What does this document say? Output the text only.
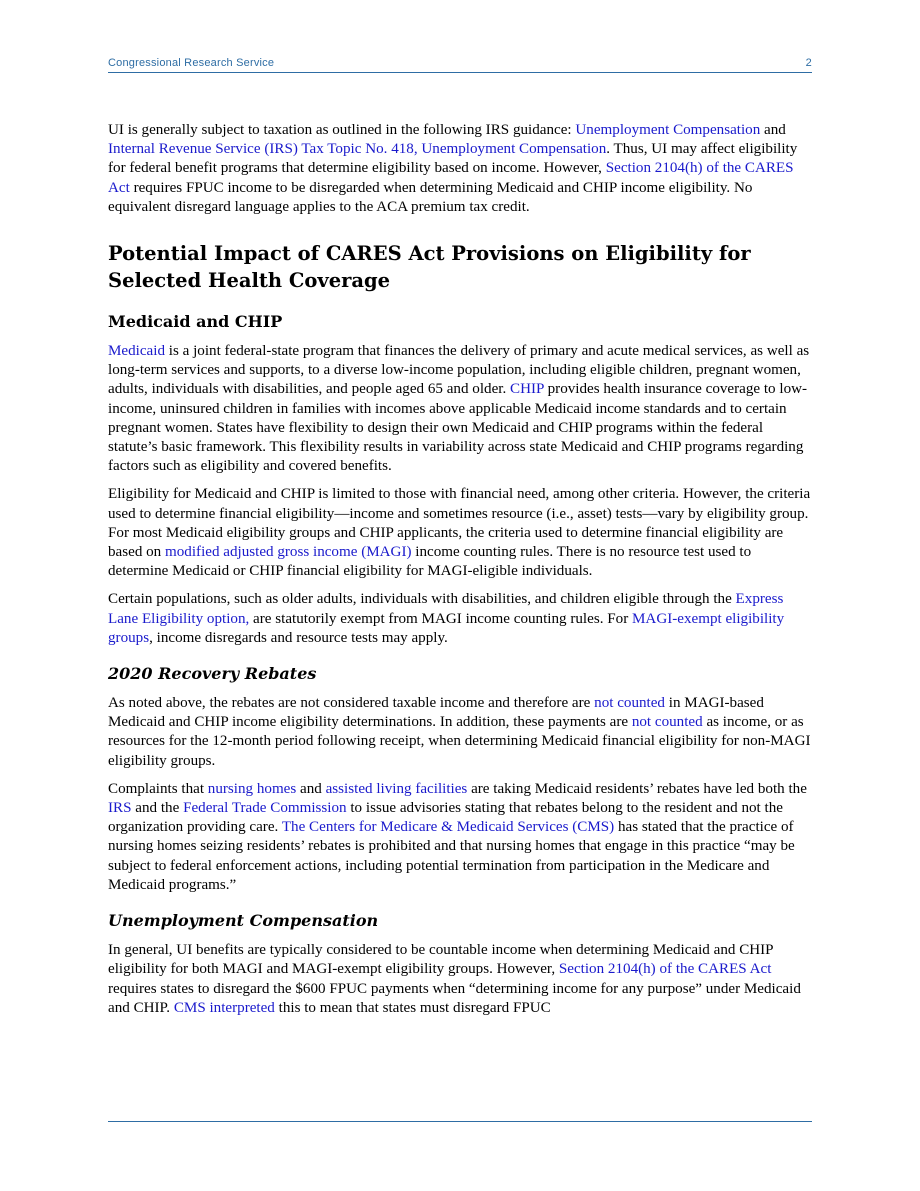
Congressional Research Service	2

UI is generally subject to taxation as outlined in the following IRS guidance: Unemployment Compensation and Internal Revenue Service (IRS) Tax Topic No. 418, Unemployment Compensation. Thus, UI may affect eligibility for federal benefit programs that determine eligibility based on income. However, Section 2104(h) of the CARES Act requires FPUC income to be disregarded when determining Medicaid and CHIP income eligibility. No equivalent disregard language applies to the ACA premium tax credit.

Potential Impact of CARES Act Provisions on Eligibility for Selected Health Coverage
Medicaid and CHIP

Medicaid is a joint federal-state program that finances the delivery of primary and acute medical services, as well as long-term services and supports, to a diverse low-income population, including eligible children, pregnant women, adults, individuals with disabilities, and people aged 65 and older. CHIP provides health insurance coverage to low-income, uninsured children in families with incomes above applicable Medicaid income standards and to certain pregnant women. States have flexibility to design their own Medicaid and CHIP programs within the federal statute’s basic framework. This flexibility results in variability across state Medicaid and CHIP programs regarding factors such as eligibility and covered benefits.

Eligibility for Medicaid and CHIP is limited to those with financial need, among other criteria. However, the criteria used to determine financial eligibility—income and sometimes resource (i.e., asset) tests—vary by eligibility group. For most Medicaid eligibility groups and CHIP applicants, the criteria used to determine financial eligibility are based on modified adjusted gross income (MAGI) income counting rules. There is no resource test used to determine Medicaid or CHIP financial eligibility for MAGI-eligible individuals.

Certain populations, such as older adults, individuals with disabilities, and children eligible through the Express Lane Eligibility option, are statutorily exempt from MAGI income counting rules. For MAGI-exempt eligibility groups, income disregards and resource tests may apply.

2020 Recovery Rebates

As noted above, the rebates are not considered taxable income and therefore are not counted in MAGI-based Medicaid and CHIP income eligibility determinations. In addition, these payments are not counted as income, or as resources for the 12-month period following receipt, when determining Medicaid financial eligibility for non-MAGI eligibility groups.

Complaints that nursing homes and assisted living facilities are taking Medicaid residents’ rebates have led both the IRS and the Federal Trade Commission to issue advisories stating that rebates belong to the resident and not the organization providing care. The Centers for Medicare & Medicaid Services (CMS) has stated that the practice of nursing homes seizing residents’ rebates is prohibited and that nursing homes that engage in this practice “may be subject to federal enforcement actions, including potential termination from participation in the Medicare and Medicaid programs.”

Unemployment Compensation

In general, UI benefits are typically considered to be countable income when determining Medicaid and CHIP eligibility for both MAGI and MAGI-exempt eligibility groups. However, Section 2104(h) of the CARES Act requires states to disregard the $600 FPUC payments when “determining income for any purpose” under Medicaid and CHIP. CMS interpreted this to mean that states must disregard FPUC
